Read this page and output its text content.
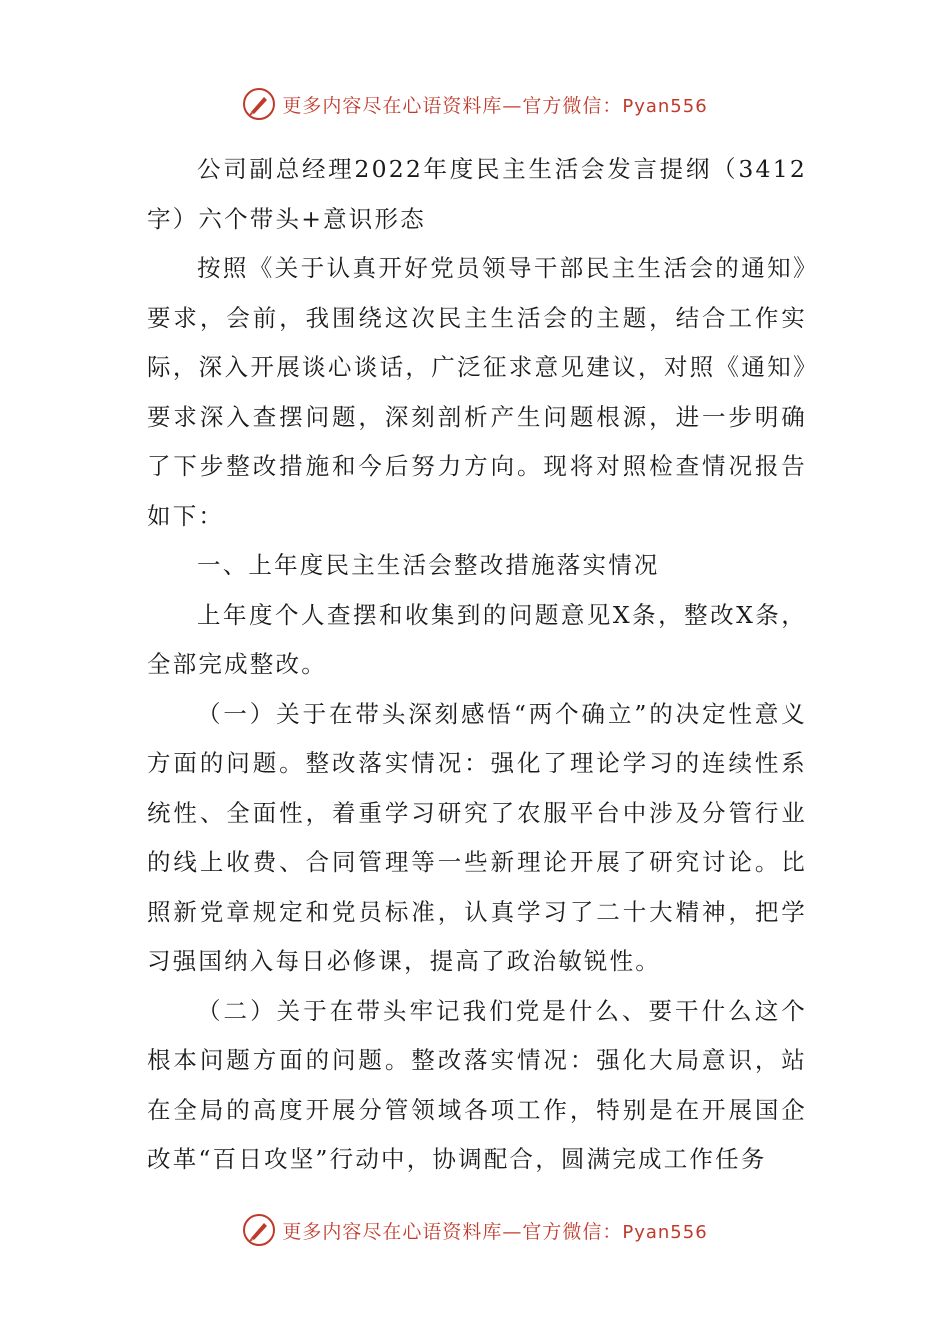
更多内容尽在心语资料库—官方微信：Pyan556

公司副总经理2022年度民主生活会发言提纲（3412字）六个带头+意识形态

按照《关于认真开好党员领导干部民主生活会的通知》要求，会前，我围绕这次民主生活会的主题，结合工作实际，深入开展谈心谈话，广泛征求意见建议，对照《通知》要求深入查摆问题，深刻剖析产生问题根源，进一步明确了下步整改措施和今后努力方向。现将对照检查情况报告如下：

一、上年度民主生活会整改措施落实情况

上年度个人查摆和收集到的问题意见X条，整改X条，全部完成整改。

（一）关于在带头深刻感悟“两个确立”的决定性意义方面的问题。整改落实情况：强化了理论学习的连续性系统性、全面性，着重学习研究了农服平台中涉及分管行业的线上收费、合同管理等一些新理论开展了研究讨论。比照新党章规定和党员标准，认真学习了二十大精神，把学习强国纳入每日必修课，提高了政治敏锐性。

（二）关于在带头牢记我们党是什么、要干什么这个根本问题方面的问题。整改落实情况：强化大局意识，站在全局的高度开展分管领域各项工作，特别是在开展国企改革“百日攻坚”行动中，协调配合，圆满完成工作任务

更多内容尽在心语资料库—官方微信：Pyan556
